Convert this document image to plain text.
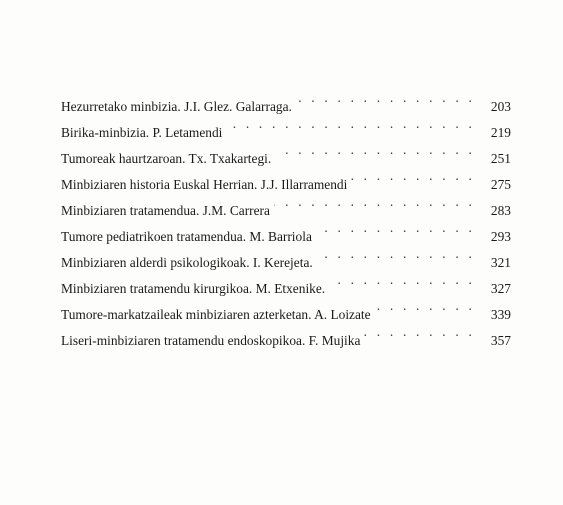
Hezurretako minbizia. J.I. Glez. Galarraga. . . .	203
Birika-minbizia. P. Letamendi . . .	219
Tumoreak haurtzaroan. Tx. Txakartegi. . . .	251
Minbiziaren historia Euskal Herrian. J.J. Illarramendi . . .	275
Minbiziaren tratamendua. J.M. Carrera . . .	283
Tumore pediatrikoen tratamendua. M. Barriola . . .	293
Minbiziaren alderdi psikologikoak. I. Kerejeta. . . .	321
Minbiziaren tratamendu kirurgikoa. M. Etxenike. . . .	327
Tumore-markatzaileak minbiziaren azterketan. A. Loizate . . .	339
Liseri-minbiziaren tratamendu endoskopikoa. F. Mujika . . .	357
